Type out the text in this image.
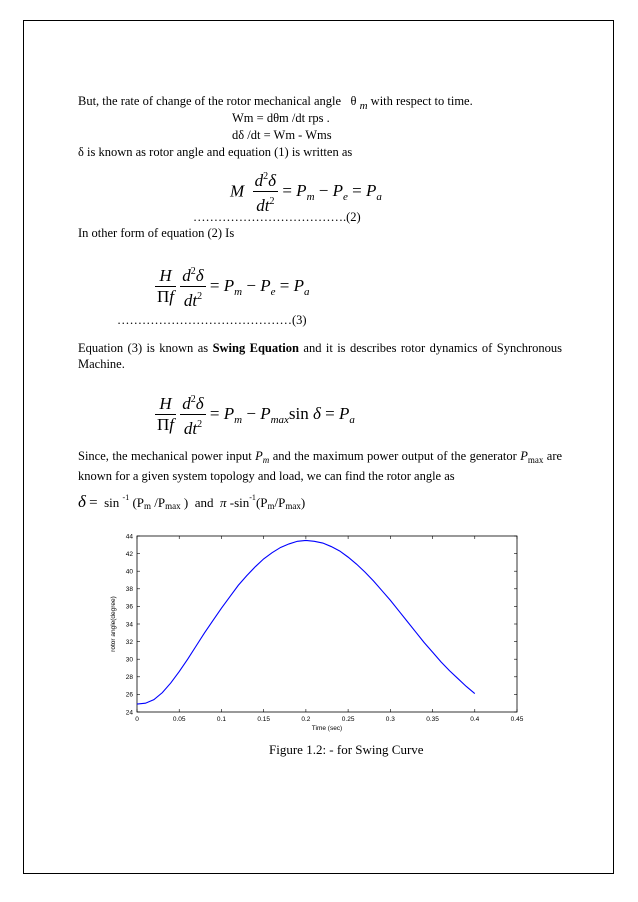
But, the rate of change of the rotor mechanical angle θ m with respect to time.
Wm = dθm /dt rps .
dδ /dt = Wm - Wms
δ is known as rotor angle and equation (1) is written as
M $\frac{d^2\delta}{dt^2} = P_m - P_e = P_a$
……………………………….(2)
In other form of equation (2) Is
$\frac{H}{\Pi f}$
$\frac{d^2\delta}{dt^2} = P_m - P_e = P_a$
……………………………………(3)
Equation (3) is known as Swing Equation and it is describes rotor dynamics of Synchronous Machine.
$\frac{H}{\Pi f}$
$\frac{d^2\delta}{dt^2} = P_m - P_{max}\sin$ $\delta = P_a$
Since, the mechanical power input $P_m$ and the maximum power output of the generator $P_{max}$ are known for a given system topology and load, we can find the rotor angle as
δ =  sin $^{-1}$ (Pm /Pmax )  and  π $-\sin^{-1}(Pm/Pmax)$
0	0.05	0.1	0.15	0.2	0.25	0.3	0.35	0.4	0.45
24
26
28
30
32
34
36
38
40
42
44
Time (sec)
rotor angle(degree)
Figure 1.2: - for Swing Curve
